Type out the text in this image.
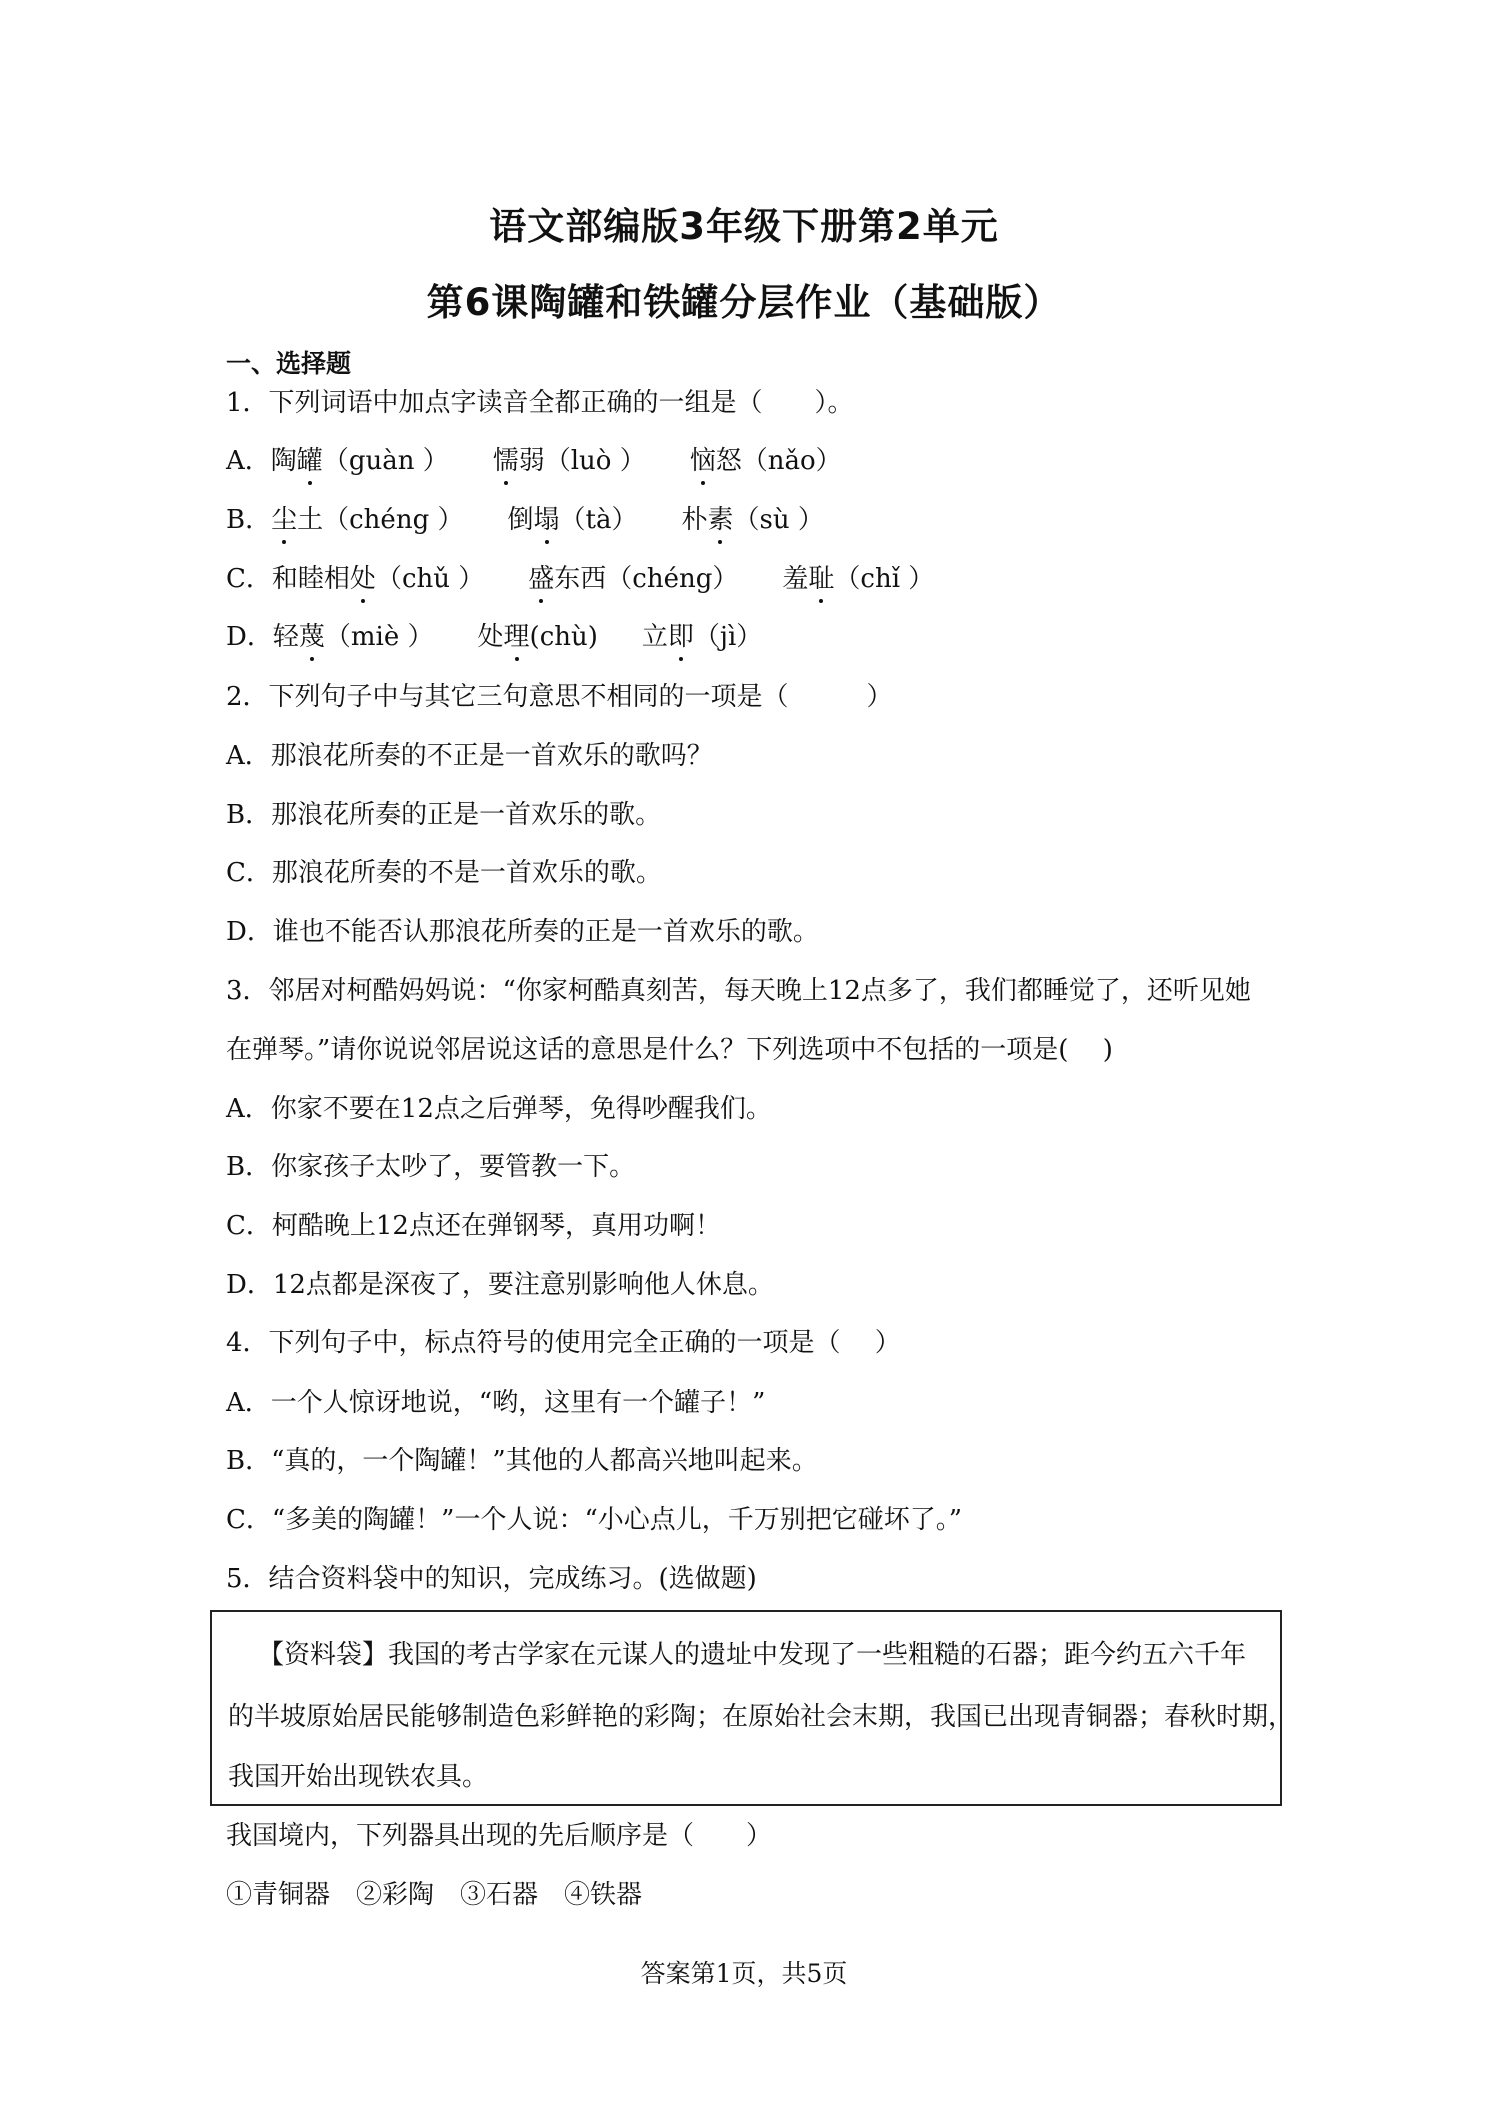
语文部编版3年级下册第2单元
第6课陶罐和铁罐分层作业（基础版）
一、选择题
1．下列词语中加点字读音全都正确的一组是（　　）。
A．陶罐（guàn ） 懦弱（luò ） 恼怒（nǎo）
B．尘土（chéng ） 倒塌（tà） 朴素（sù ）
C．和睦相处（chǔ ） 盛东西（chéng） 羞耻（chǐ ）
D．轻蔑（miè ） 处理(chù) 立即（jì）
2．下列句子中与其它三句意思不相同的一项是（　　　）
A．那浪花所奏的不正是一首欢乐的歌吗？
B．那浪花所奏的正是一首欢乐的歌。
C．那浪花所奏的不是一首欢乐的歌。
D．谁也不能否认那浪花所奏的正是一首欢乐的歌。
3．邻居对柯酷妈妈说：“你家柯酷真刻苦，每天晚上12点多了，我们都睡觉了，还听见她
在弹琴。”请你说说邻居说这话的意思是什么？下列选项中不包括的一项是(　 )
A．你家不要在12点之后弹琴，免得吵醒我们。
B．你家孩子太吵了，要管教一下。
C．柯酷晚上12点还在弹钢琴，真用功啊！
D．12点都是深夜了，要注意别影响他人休息。
4．下列句子中，标点符号的使用完全正确的一项是（　 ）
A．一个人惊讶地说，“哟，这里有一个罐子！”
B．“真的，一个陶罐！”其他的人都高兴地叫起来。
C．“多美的陶罐！”一个人说：“小心点儿，千万别把它碰坏了。”
5．结合资料袋中的知识，完成练习。(选做题)
【资料袋】我国的考古学家在元谋人的遗址中发现了一些粗糙的石器；距今约五六千年
的半坡原始居民能够制造色彩鲜艳的彩陶；在原始社会末期，我国已出现青铜器；春秋时期，
我国开始出现铁农具。
我国境内，下列器具出现的先后顺序是（　　）
①青铜器　②彩陶　③石器　④铁器
答案第1页，共5页
